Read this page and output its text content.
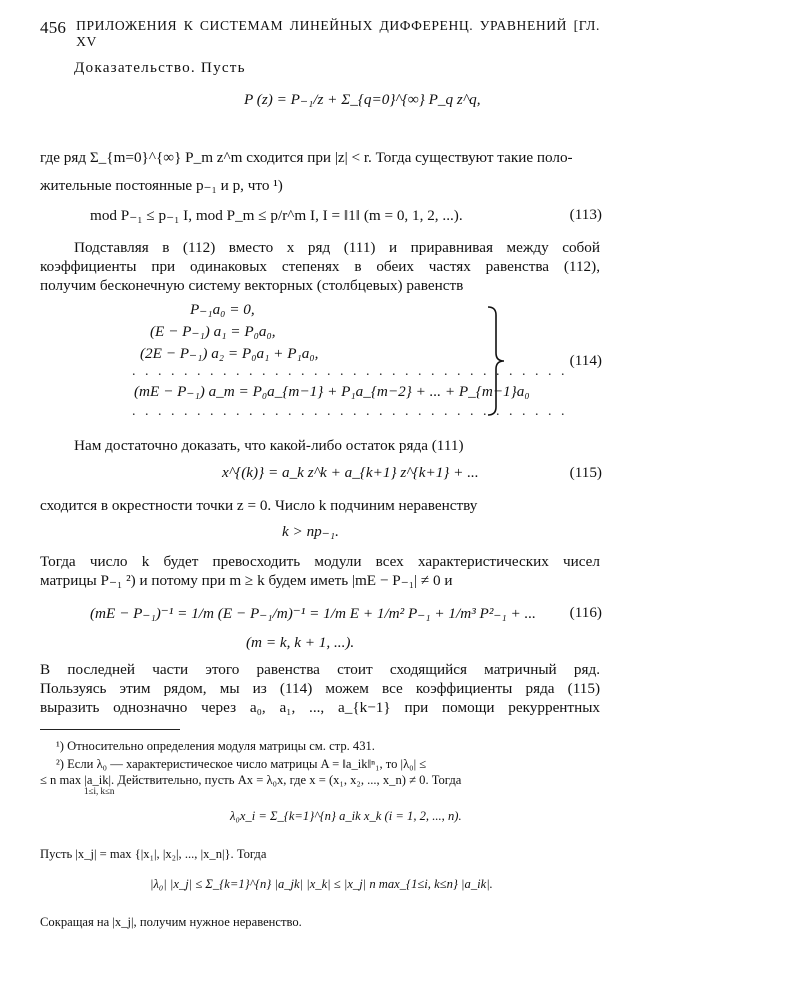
456 ПРИЛОЖЕНИЯ К СИСТЕМАМ ЛИНЕЙНЫХ ДИФФЕРЕНЦ. УРАВНЕНИЙ [ГЛ. XV
Доказательство. Пусть
P (z) = P₋₁/z + Σ_{q=0}^{∞} P_q z^q,
где ряд Σ_{m=0}^{∞} P_m z^m сходится при |z| < r. Тогда существуют такие поло-
жительные постоянные p₋₁ и p, что ¹)
mod P₋₁ ≤ p₋₁ I, mod P_m ≤ p/r^m I, I = ‖1‖ (m = 0, 1, 2, ...).	(113)
Подставляя в (112) вместо x ряд (111) и приравнивая между собой
коэффициенты при одинаковых степенях в обеих частях равенства (112),
получим бесконечную систему векторных (столбцевых) равенств
P₋₁a₀ = 0,
(E − P₋₁) a₁ = P₀a₀,
(2E − P₋₁) a₂ = P₀a₁ + P₁a₀,
. . . . . . . . . . . . . . . . . . . . . . . . . . . . . . . . . .
(mE − P₋₁) a_m = P₀a_{m−1} + P₁a_{m−2} + ... + P_{m−1}a₀
. . . . . . . . . . . . . . . . . . . . . . . . . . . . . . . . . .
(114)
Нам достаточно доказать, что какой-либо остаток ряда (111)
x^{(k)} = a_k z^k + a_{k+1} z^{k+1} + ...	(115)
сходится в окрестности точки z = 0. Число k подчиним неравенству
k > np₋₁.
Тогда число k будет превосходить модули всех характеристических чисел
матрицы P₋₁ ²) и потому при m ≥ k будем иметь |mE − P₋₁| ≠ 0 и
(mE − P₋₁)⁻¹ = 1/m (E − P₋₁/m)⁻¹ = 1/m E + 1/m² P₋₁ + 1/m³ P²₋₁ + ... (116)
(m = k, k + 1, ...).
В последней части этого равенства стоит сходящийся матричный ряд.
Пользуясь этим рядом, мы из (114) можем все коэффициенты ряда (115)
выразить однозначно через a₀, a₁, ..., a_{k−1} при помощи рекуррентных
¹) Относительно определения модуля матрицы см. стр. 431.
²) Если λ₀ — характеристическое число матрицы A = ‖a_ik‖ⁿ₁, то |λ₀| ≤
≤ n max |a_ik|. Действительно, пусть Ax = λ₀x, где x = (x₁, x₂, ..., x_n) ≠ 0. Тогда
1≤i, k≤n
λ₀x_i = Σ_{k=1}^{n} a_ik x_k (i = 1, 2, ..., n).
Пусть |x_j| = max {|x₁|, |x₂|, ..., |x_n|}. Тогда
|λ₀| |x_j| ≤ Σ_{k=1}^{n} |a_jk| |x_k| ≤ |x_j| n max_{1≤i, k≤n} |a_ik|.
Сокращая на |x_j|, получим нужное неравенство.
